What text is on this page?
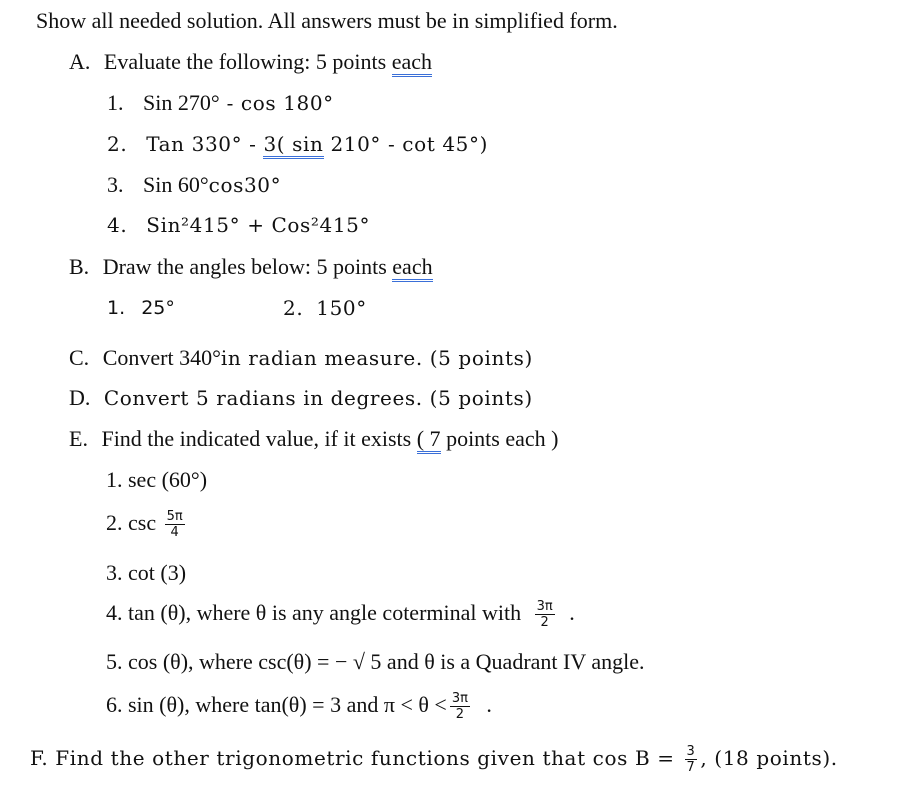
Show all needed solution. All answers must be in simplified form.
A. Evaluate the following: 5 points each
1. Sin 270° - cos 180°
2. Tan 330° - 3( sin 210° - cot 45°)
3. Sin 60°cos30°
4. Sin²415° + Cos²415°
B. Draw the angles below: 5 points each
1. 25°	2. 150°
C. Convert 340°in radian measure. (5 points)
D. Convert 5 radians in degrees. (5 points)
E. Find the indicated value, if it exists ( 7 points each )
1. sec (60°)
2. $\csc \frac{5\pi}{4}$
3. cot (3)
4. tan (θ), where θ is any angle coterminal with $\frac{3\pi}{2}$ .
5. cos (θ), where csc(θ) = − √ 5 and θ is a Quadrant IV angle.
6. sin (θ), where tan(θ) = 3 and $\pi < \theta < \frac{3\pi}{2}$ .
F. Find the other trigonometric functions given that $\cos B = \frac{3}{7}$ , (18 points).
